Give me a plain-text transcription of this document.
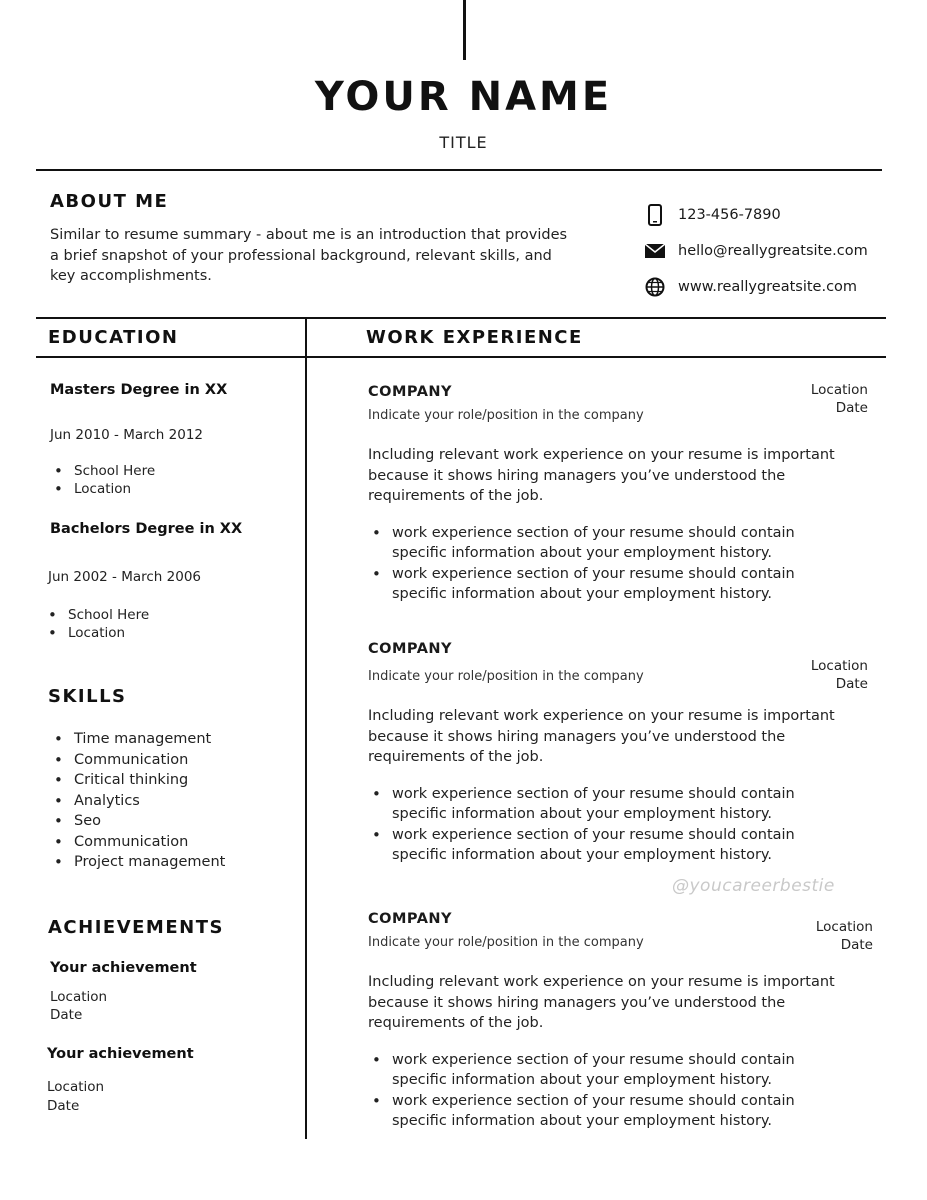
YOUR NAME
TITLE
ABOUT ME
Similar to resume summary - about me is an introduction that provides a brief snapshot of your professional background, relevant skills, and key accomplishments.
123-456-7890
hello@reallygreatsite.com
www.reallygreatsite.com
EDUCATION
Masters Degree in XX
Jun 2010 - March 2012
• School Here
• Location
Bachelors Degree in XX
Jun 2002 - March 2006
• School Here
• Location
SKILLS
• Time management
• Communication
• Critical thinking
• Analytics
• Seo
• Communication
• Project management
ACHIEVEMENTS
Your achievement
Location
Date
Your achievement
Location
Date
WORK EXPERIENCE
COMPANY
Indicate your role/position in the company
Including relevant work experience on your resume is important because it shows hiring managers you’ve understood the requirements of the job.
• work experience section of your resume should contain specific information about your employment history.
• work experience section of your resume should contain specific information about your employment history.
Location
Date
COMPANY
Indicate your role/position in the company
Including relevant work experience on your resume is important because it shows hiring managers you’ve understood the requirements of the job.
• work experience section of your resume should contain specific information about your employment history.
• work experience section of your resume should contain specific information about your employment history.
Location
Date
COMPANY
Indicate your role/position in the company
Including relevant work experience on your resume is important because it shows hiring managers you’ve understood the requirements of the job.
• work experience section of your resume should contain specific information about your employment history.
• work experience section of your resume should contain specific information about your employment history.
Location
Date
@youcareerbestie
